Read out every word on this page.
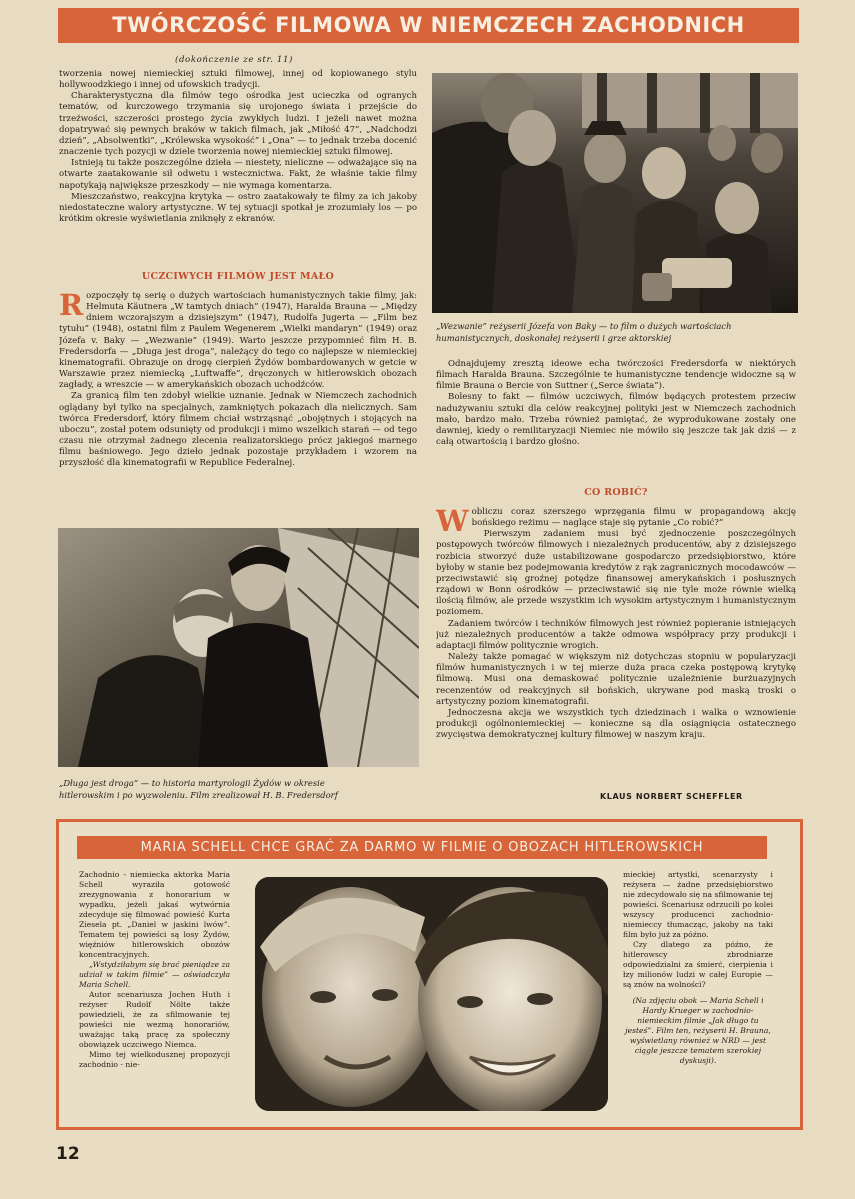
TWÓRCZOŚĆ FILMOWA W NIEMCZECH ZACHODNICH
(dokończenie ze str. 11)

tworzenia nowej niemieckiej sztuki filmowej, innej od kopiowanego stylu hollywoodzkiego i innej od ufowskich tradycji.

Charakterystyczna dla filmów tego ośrodka jest ucieczka od ogranych tematów, od kurczowego trzymania się urojonego świata i przejście do trzeźwości, szczerości prostego życia zwykłych ludzi. I jeżeli nawet można dopatrywać się pewnych braków w takich filmach, jak „Miłość 47”, „Nadchodzi dzień”, „Absolwentki”, „Królewska wysokość” i „Ona” — to jednak trzeba docenić znaczenie tych pozycji w dziele tworzenia nowej niemieckiej sztuki filmowej.

Istnieją tu także poszczególne dzieła — niestety, nieliczne — odważające się na otwarte zaatakowanie sił odwetu i wstecznictwa. Fakt, że właśnie takie filmy napotykają największe przeszkody — nie wymaga komentarza.

Mieszczaństwo, reakcyjna krytyka — ostro zaatakowały te filmy za ich jakoby niedostateczne walory artystyczne. W tej sytuacji spotkał je zrozumiały los — po krótkim okresie wyświetlania zniknęły z ekranów.

UCZCIWYCH FILMÓW JEST MAŁO
R ozpoczęły tę serię o dużych wartościach humanistycznych takie filmy, jak: Helmuta Käutnera „W tamtych dniach” (1947), Haralda Brauna — „Między dniem wczorajszym a dzisiejszym” (1947), Rudolfa Jugerta — „Film bez tytułu” (1948), ostatni film z Paulem Wegenerem „Wielki mandaryn” (1949) oraz Józefa v. Baky — „Wezwanie” (1949). Warto jeszcze przypomnieć film H. B. Fredersdorfa — „Długa jest droga”, należący do tego co najlepsze w niemieckiej kinematografii. Obrazuje on drogę cierpień Żydów bombardowanych w getcie w Warszawie przez niemiecką „Luftwaffe”, dręczonych w hitlerowskich obozach zagłady, a wreszcie — w amerykańskich obozach uchodźców.

Za granicą film ten zdobył wielkie uznanie. Jednak w Niemczech zachodnich oglądany był tylko na specjalnych, zamkniętych pokazach dla nielicznych. Sam twórca Fredersdorf, który filmem chciał wstrząsnąć „obojętnych i stojących na uboczu”, został potem odsunięty od produkcji i mimo wszelkich starań — od tego czasu nie otrzymał żadnego zlecenia realizatorskiego prócz jakiegoś marnego filmu baśniowego. Jego dzieło jednak pozostaje przykładem i wzorem na przyszłość dla kinematografii w Republice Federalnej.

„Wezwanie” reżyserii Józefa von Baky — to film o dużych wartościach humanistycznych, doskonałej reżyserii i grze aktorskiej

Odnajdujemy zresztą ideowe echa twórczości Fredersdorfa w niektórych filmach Haralda Brauna. Szczególnie te humanistyczne tendencje widoczne są w filmie Brauna o Bercie von Suttner („Serce świata”).

Bolesny to fakt — filmów uczciwych, filmów będących protestem przeciw nadużywaniu sztuki dla celów reakcyjnej polityki jest w Niemczech zachodnich mało, bardzo mało. Trzeba również pamiętać, że wyprodukowane zostały one dawniej, kiedy o remilitaryzacji Niemiec nie mówiło się jeszcze tak jak dziś — z całą otwartością i bardzo głośno.

CO ROBIĆ?
W obliczu coraz szerszego wprzęgania filmu w propagandową akcję bońskiego reżimu — naglące staje się pytanie „Co robić?”

Pierwszym zadaniem musi być zjednoczenie poszczególnych postępowych twórców filmowych i niezależnych producentów, aby z dzisiejszego rozbicia stworzyć duże ustabilizowane gospodarczo przedsiębiorstwo, które byłoby w stanie bez podejmowania kredytów z rąk zagranicznych mocodawców — przeciwstawić się groźnej potędze finansowej amerykańskich i posłusznych rządowi w Bonn ośrodków — przeciwstawić się nie tyle może równie wielką ilością filmów, ale przede wszystkim ich wysokim artystycznym i humanistycznym poziomem.

Zadaniem twórców i techników filmowych jest również popieranie istniejących już niezależnych producentów a także odmowa współpracy przy produkcji i adaptacji filmów politycznie wrogich.

Należy także pomagać w większym niż dotychczas stopniu w popularyzacji filmów humanistycznych i w tej mierze duża praca czeka postępową krytykę filmową. Musi ona demaskować politycznie uzależnienie burżuazyjnych recenzentów od reakcyjnych sił bońskich, ukrywane pod maską troski o artystyczny poziom kinematografii.

Jednoczesna akcja we wszystkich tych dziedzinach i walka o wznowienie produkcji ogólnoniemieckiej — konieczne są dla osiągnięcia ostatecznego zwycięstwa demokratycznej kultury filmowej w naszym kraju.

KLAUS NORBERT SCHEFFLER
„Długa jest droga” — to historia martyrologii Żydów w okresie
hitlerowskim i po wyzwoleniu. Film zrealizował H. B. Fredersdorf
MARIA SCHELL CHCE GRAĆ ZA DARMO W FILMIE O OBOZACH HITLEROWSKICH

Zachodnio - niemiecka aktorka Maria Schell wyraziła gotowość zrezygnowania z honorarium w wypadku, jeżeli jakaś wytwórnia zdecyduje się filmować powieść Kurta Ziesela pt. „Daniel w jaskini lwów”. Tematem tej powieści są losy Żydów, więźniów hitlerowskich obozów koncentracyjnych.

„Wstydziłabym się brać pieniądze za udział w takim filmie” — oświadczyła Maria Schell.

Autor scenariusza Jochen Huth i reżyser Rudolf Nölte także powiedzieli, że za sfilmowanie tej powieści nie wezmą honorariów, uważając taką pracę za społeczny obowiązek uczciwego Niemca.

Mimo tej wielkodusznej propozycji zachodnio - nie-

mieckiej artystki, scenarzysty i reżysera — żadne przedsiębiorstwo nie zdecydowało się na sfilmowanie tej powieści. Scenariusz odrzucili po kolei wszyscy producenci zachodnio-niemieccy tłumacząc, jakoby na taki film było już za późno.

Czy dlatego za późno, że hitlerowscy zbrodniarze odpowiedzialni za śmierć, cierpienia i łzy milionów ludzi w całej Europie — są znów na wolności?

(Na zdjęciu obok — Maria Schell i Hardy Krueger w zachodnio-niemieckim filmie „Jak długo tu jesteś”. Film ten, reżyserii H. Brauna, wyświetlany również w NRD — jest ciągle jeszcze tematem szerokiej dyskusji).

12
